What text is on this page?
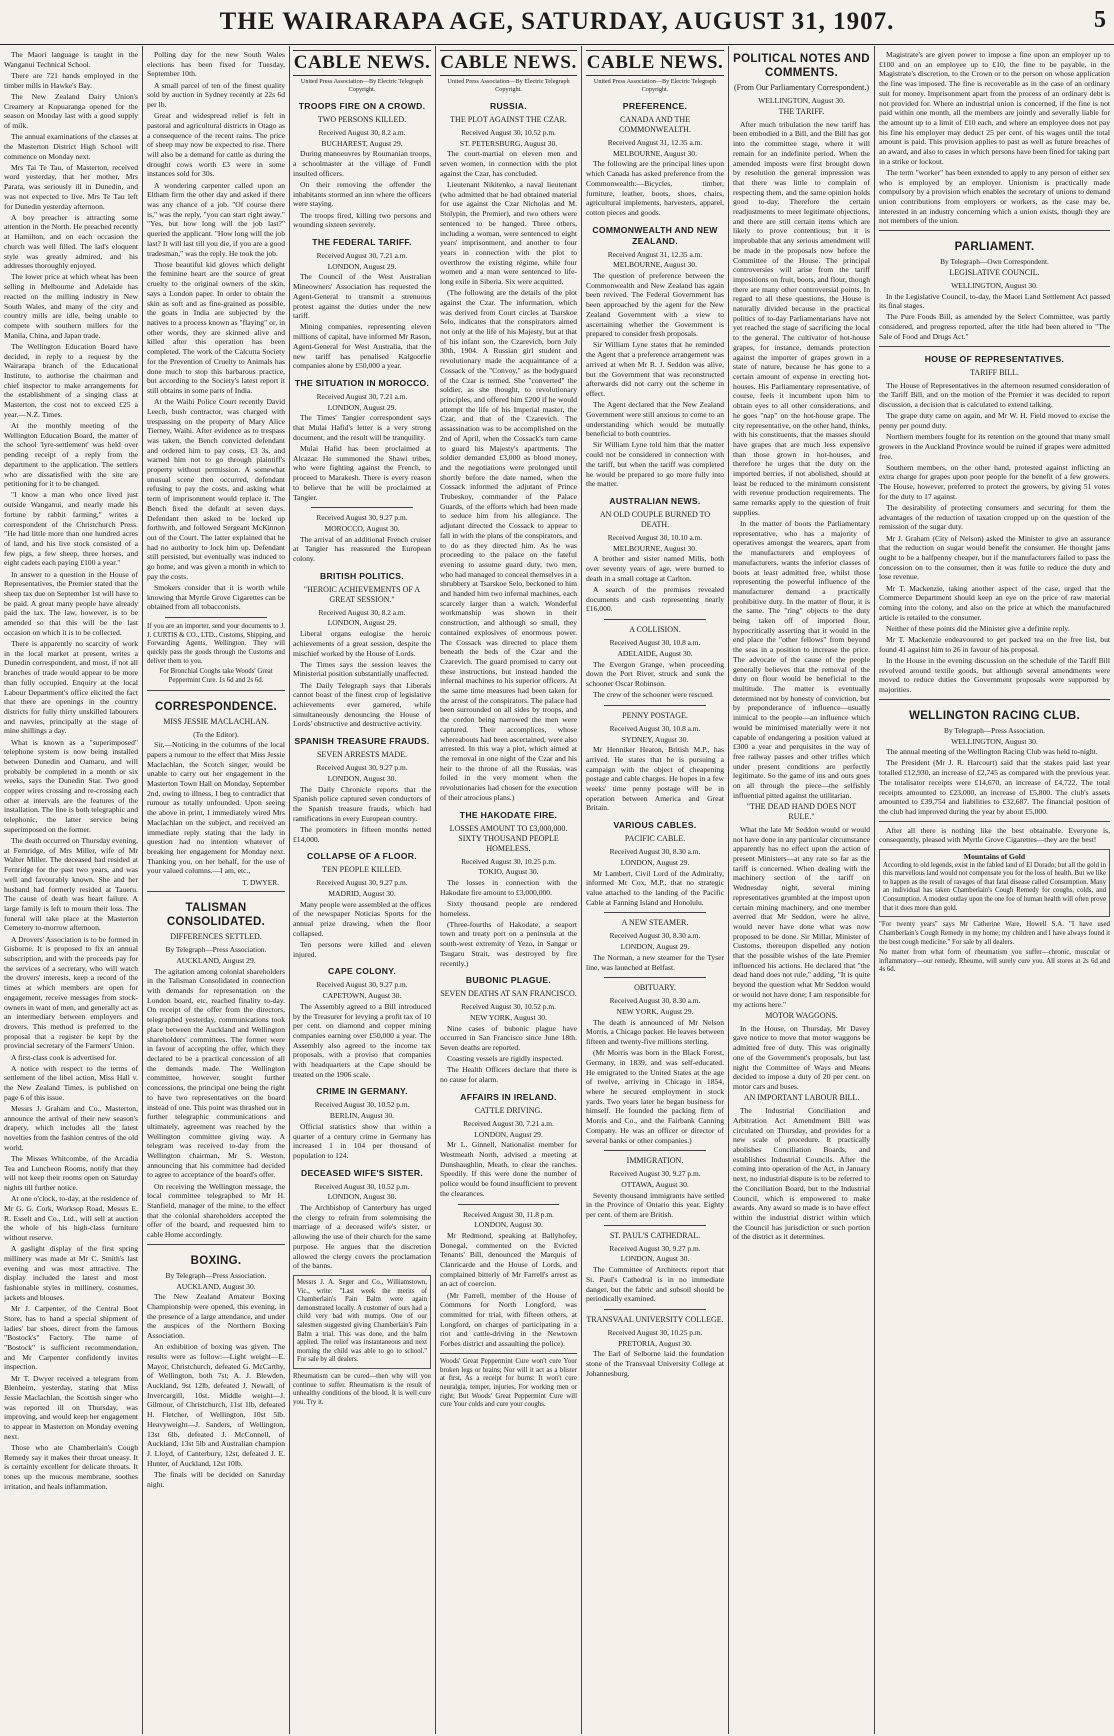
THE WAIRARAPA AGE, SATURDAY, AUGUST 31, 1907.	5

The Maori language is taught in the Wanganui Technical School.

There are 721 hands employed in the timber mills in Hawke's Bay.

The New Zealand Dairy Union's Creamery at Kopuaranga opened for the season on Monday last with a good supply of milk.

The annual examinations of the classes at the Masterton District High School will commence on Monday next.

Mrs Tai Te Tau, of Masterton, received word yesterday, that her mother, Mrs Parata, was seriously ill in Dunedin, and was not expected to live. Mrs Te Tau left for Dunedin yesterday afternoon.

A boy preacher is attracting some attention in the North. He preached recently at Hamilton, and on each occasion the church was well filled. The lad's eloquent style was greatly admired, and his addresses thoroughly enjoyed.

The lower price at which wheat has been selling in Melbourne and Adelaide has reacted on the milling industry in New South Wales, and many of the city and country mills are idle, being unable to compete with southern millers for the Manila, China, and Japan trade.

The Wellington Education Board have decided, in reply to a request by the Wairarapa branch of the Educational Institute, to authorise the chairman and chief inspector to make arrangements for the establishment of a singing class at Masterton, the cost not to exceed £25 a year.—N.Z. Times.

At the monthly meeting of the Wellington Education Board, the matter of the school 'lyre-settlement' was held over pending receipt of a reply from the department to the application. The settlers who are dissatisfied with the site are petitioning for it to be changed.

"I know a man who once lived just outside Wanganui, and nearly made his fortune by rabbit farming," writes a correspondent of the Christchurch Press. "He had little more than one hundred acres of land, and his live stock consisted of a few pigs, a few sheep, three horses, and eight cadets each paying £100 a year."

In answer to a question in the House of Representatives, the Premier stated that the sheep tax due on September 1st will have to be paid. A great many people have already paid the tax. The law, however, is to be amended so that this will be the last occasion on which it is to be collected.

There is apparently no scarcity of work in the local market at present, writes a Dunedin correspondent, and most, if not all branches of trade would appear to be more than fully occupied. Enquiry at the local Labour Department's office elicited the fact that there are openings in the country districts for fully thirty unskilled labourers and navvies, principally at the stage of mine shillings a day.

What is known as a "superimposed" telephone system is now being installed between Dunedin and Oamaru, and will probably be completed in a month or six weeks, says the Dunedin Star. Two good copper wires crossing and re-crossing each other at intervals are the features of the installation. The line is both telegraphic and telephonic, the latter service being superimposed on the former.

The death occurred on Thursday evening, at Fernridge, of Mrs Miller, wife of Mr Walter Miller. The deceased had resided at Fernridge for the past two years, and was well and favourably known. She and her husband had formerly resided at Taueru. The cause of death was heart failure. A large family is left to mourn their loss. The funeral will take place at the Masterton Cemetery to-morrow afternoon.

A Drovers' Association is to be formed in Gisborne. It is proposed to fix an annual subscription, and with the proceeds pay for the services of a secretary, who will watch the drovers' interests, keep a record of the times at which members are open for engagement, receive messages from stock-owners in want of men, and generally act as an intermediary between employers and drovers. This method is preferred to the proposal that a register be kept by the provincial secretary of the Farmers' Union.

A first-class cook is advertised for.

A notice with respect to the terms of settlement of the libel action, Miss Hall v. the New Zealand Times, is published on page 6 of this issue.

Messrs J. Graham and Co., Masterton, announce the arrival of their new season's drapery, which includes all the latest novelties from the fashion centres of the old world.

The Misses Whitcombe, of the Arcadia Tea and Luncheon Rooms, notify that they will not keep their rooms open on Saturday nights till further notice.

At one o'clock, to-day, at the residence of Mr G. G. Cork, Worksop Road, Messrs E. R. Esselt and Co., Ltd., will sell at auction the whole of his high-class furniture without reserve.

A gaslight display of the first spring millinery was made at Mr C. Smith's last evening and was most attractive. The display included the latest and most fashionable styles in millinery, costumes, jackets and blouses.

Mr J. Carpenter, of the Central Boot Store, has to hand a special shipment of ladies' bar shoes, direct from the famous "Bostock's" Factory. The name of "Bostock" is sufficient recommendation, and Mr Carpenter confidently invites inspection.

Mr T. Dwyer received a telegram from Blenheim, yesterday, stating that Miss Jessie Maclachlan, the Scottish singer who was reported ill on Thursday, was improving, and would keep her engagement to appear in Masterton on Monday evening next.

Those who ate Chamberlain's Cough Remedy say it makes their throat uneasy. It is certainly excellent for delicate throats. It tones up the mucous membrane, soothes irritation, and heals inflammation.

Polling day for the new South Wales elections has been fixed for Tuesday, September 10th.

A small parcel of ten of the finest quality sold by auction in Sydney recently at 22s 6d per lb.

Great and widespread relief is felt in pastoral and agricultural districts in Otago as a consequence of the recent rains. The price of sheep may now be expected to rise. There will also be a demand for cattle as during the drought cows worth £3 were in some instances sold for 30s.

A wondering carpenter called upon an Eltham firm the other day and asked if there was any chance of a job. "Of course there is," was the reply, "you can start right away." "Yes, but how long will the job last?" queried the applicant. "How long will the job last? It will last till you die, if you are a good tradesman," was the reply. He took the job.

Those beautiful kid gloves which delight the feminine heart are the source of great cruelty to the original owners of the skin, says a London paper. In order to obtain the skin as soft and as fine-grained as possible, the goats in India are subjected by the natives to a process known as "flaying" or, in other words, they are skinned alive and killed after this operation has been completed. The work of the Calcutta Society for the Prevention of Cruelty to Animals has done much to stop this barbarous practice, but according to the Society's latest report it still obtains in some parts of India.

At the Waihi Police Court recently David Leech, bush contractor, was charged with trespassing on the property of Mary Alice Tierney, Waihi. After evidence as to trespass was taken, the Bench convicted defendant and ordered him to pay costs, £3 3s, and warned him not to go through plaintiff's property without permission. A somewhat unusual scene then occurred, defendant refusing to pay the costs, and asking what term of imprisonment would replace it. The Bench fixed the default at seven days. Defendant then asked to be locked up forthwith, and followed Sergeant McKinnon out of the Court. The latter explained that he had no authority to lock him up. Defendant still persisted, but eventually was induced to go home, and was given a month in which to pay the costs.

Smokers consider that it is worth while knowing that Myrtle Grove Cigarettes can be obtained from all tobacconists.

If you are an importer, send your documents to J. J. CURTIS & CO., LTD., Customs, Shipping, and Forwarding Agents, Wellington. They will quickly pass the goods through the Customs and deliver them to you.

For Bronchial Coughs take Woods' Great Peppermint Cure. 1s 6d and 2s 6d.

CORRESPONDENCE.
MISS JESSIE MACLACHLAN.
(To the Editor).

Sir,—Noticing in the columns of the local papers a rumour to the effect that Miss Jessie Maclachlan, the Scotch singer, would be unable to carry out her engagement in the Masterton Town Hall on Monday, September 2nd, owing to illness, I beg to contradict that rumour as totally unfounded. Upon seeing the above in print, I immediately wired Mrs Maclachlan on the subject, and received an immediate reply stating that the lady in question had no intention whatever of breaking her engagement for Monday next. Thanking you, on her behalf, for the use of your valued columns.—I am, etc.,

T. DWYER.
TALISMAN CONSOLIDATED.
DIFFERENCES SETTLED.
By Telegraph—Press Association.
AUCKLAND, August 29.

The agitation among colonial shareholders in the Talisman Consolidated in connection with demands for representation on the London board, etc, reached finality to-day. On receipt of the offer from the directors, telegraphed yesterday, communications took place between the Auckland and Wellington shareholders' committees. The former were in favour of accepting the offer, which they declared to be a practical concession of all the demands made. The Wellington committee, however, sought further concessions, the principal one being the right to have two representatives on the board instead of one. This point was thrashed out in further telegraphic communications and ultimately, agreement was reached by the Wellington committee giving way. A telegram was received to-day from the Wellington chairman, Mr S. Weston, announcing that his committee had decided to agree to acceptance of the board's offer.

On receiving the Wellington message, the local committee telegraphed to Mr H. Stanfield, manager of the mine, to the effect that the colonial shareholders accepted the offer of the board, and requested him to cable Home accordingly.

BOXING.
By Telegraph—Press Association.
AUCKLAND, August 30.

The New Zealand Amateur Boxing Championship were opened, this evening, in the presence of a large attendance, and under the auspices of the Northern Boxing Association.

An exhibition of boxing was given. The results were as follow:—Light weight—E. Mayor, Christchurch, defeated G. McCarthy, of Wellington, both 7st; A. J. Blewden, Auckland, 9st 12lb, defeated J. Newall, of Invercargill, 10st. Middle weight—J. Gilmour, of Christchurch, 11st 1lb, defeated H. Fletcher, of Wellington, 10st 5lb. Heavyweight—J. Sanders, of Wellington, 13st 6lb, defeated J. McConnell, of Auckland, 13st 5lb and Australian champion J. Lloyd, of Canterbury, 12st, defeated J. E. Hunter, of Auckland, 12st 10lb.

The finals will be decided on Saturday night.

CABLE NEWS.
United Press Association—By Electric Telegraph Copyright.
TROOPS FIRE ON A CROWD.
TWO PERSONS KILLED.
Received August 30, 8.2 a.m.
BUCHAREST, August 29.

During manoeuvres by Roumanian troops, a schoolmaster at the village of Fundl insulted officers.

On their removing the offender the inhabitants stormed an inn where the officers were staying.

The troops fired, killing two persons and wounding sixteen severely.

THE FEDERAL TARIFF.
Received August 30, 7.21 a.m.
LONDON, August 29.

The Council of the West Australian Mineowners' Association has requested the Agent-General to transmit a strenuous protest against the duties under the new tariff.

Mining companies, representing eleven millions of capital, have informed Mr Rason, Agent-General for West Australia, that the new tariff has penalised Kalgoorlie companies alone by £50,000 a year.

THE SITUATION IN MOROCCO.
Received August 30, 7.21 a.m.
LONDON, August 29.

The Times' Tangier correspondent says that Mulai Hafid's letter is a very strong document, and the result will be tranquility.

Mulai Hafid has been proclaimed at Alcazar. He summoned the Shawi tribes, who were fighting against the French, to proceed to Marakesh. There is every reason to believe that he will be proclaimed at Tangier.

Received August 30, 9.27 p.m.
MOROCCO, August 30.

The arrival of an additional French cruiser at Tangier has reassured the European colony.

BRITISH POLITICS.
"HEROIC ACHIEVEMENTS OF A GREAT SESSION."
Received August 30, 8.2 a.m.
LONDON, August 29.

Liberal organs eulogise the heroic achievements of a great session, despite the mischief worked by the House of Lords.

The Times says the session leaves the Ministerial position substantially unaffected.

The Daily Telegraph says that Liberals cannot boast of the finest crop of legislative achievements ever garnered, while simultaneously denouncing the House of Lords' obstructive and destructive activity.

SPANISH TREASURE FRAUDS.
SEVEN ARRESTS MADE.
Received August 30, 9.27 p.m.
LONDON, August 30.

The Daily Chronicle reports that the Spanish police captured seven conductors of the Spanish treasure frauds, which had ramifications in every European country.

The promoters in fifteen months netted £14,000.

COLLAPSE OF A FLOOR.
TEN PEOPLE KILLED.
Received August 30, 9.27 p.m.
MADRID, August 30.

Many people were assembled at the offices of the newspaper Noticias Sports for the annual prize drawing, when the floor collapsed.

Ten persons were killed and eleven injured.

CAPE COLONY.
Received August 30, 9.27 p.m.
CAPETOWN, August 30.

The Assembly agreed to a Bill introduced by the Treasurer for levying a profit tax of 10 per cent. on diamond and copper mining companies earning over £50,000 a year. The Assembly also agreed to the income tax proposals, with a proviso that companies with headquarters at the Cape should be treated on the 1906 scale.

CRIME IN GERMANY.
Received August 30, 10.52 p.m.
BERLIN, August 30.

Official statistics show that within a quarter of a century crime in Germany has increased 1 in 104 per thousand of population to 124.

DECEASED WIFE'S SISTER.
Received August 30, 10.52 p.m.
LONDON, August 30.

The Archbishop of Canterbury has urged the clergy to refrain from solemnising the marriage of a deceased wife's sister, or allowing the use of their church for the same purpose. He argues that the discretion allowed the clergy covers the proclamation of the banns.

Messrs J. A. Seger and Co., Williamstown, Vic., write: "Last week the merits of Chamberlain's Pain Balm were again demonstrated locally. A customer of ours had a child very bad with mumps. One of our salesmen suggested giving Chamberlain's Pain Balm a trial. This was done, and the balm applied. The relief was instantaneous and next morning the child was able to go to school." For sale by all dealers.

Rheumatism can be cured—then why will you continue to suffer. Rheumatism is the result of unhealthy conditions of the blood. It is well cure you. Try it.

CABLE NEWS.
United Press Association—By Electric Telegraph Copyright.
RUSSIA.
THE PLOT AGAINST THE CZAR.
Received August 30, 10.52 p.m.
ST. PETERSBURG, August 30.

The court-martial on eleven men and seven women, in connection with the plot against the Czar, has concluded.

Lieutenant Nikitenko, a naval lieutenant (who admitted that he had obtained material for use against the Czar Nicholas and M. Stolypin, the Premier), and two others were sentenced to be hanged. Three others, including a woman, were sentenced to eight years' imprisonment, and another to four years in connection with the plot to overthrow the existing régime, while four women and a man were sentenced to life-long exile in Siberia. Six were acquitted.

(The following are the details of the plot against the Czar. The information, which was derived from Court circles at Tsarskoe Selo, indicates that the conspirators aimed not only at the life of his Majesty, but at that of his infant son, the Czarevich, born July 30th, 1904. A Russian girl student and revolutionary made the acquaintance of a Cossack of the "Convoy," as the bodyguard of the Czar is termed. She "converted" the soldier, as she thought, to revolutionary principles, and offered him £200 if he would attempt the life of his Imperial master, the Czar, and that of the Czarevich. The assassination was to be accomplished on the 2nd of April, when the Cossack's turn came to guard his Majesty's apartments. The soldier demanded £3,000 as blood money, and the negotiations were prolonged until shortly before the date named, when the Cossack informed the adjutant of Prince Trubeskoy, commander of the Palace Guards, of the efforts which had been made to seduce him from his allegiance. The adjutant directed the Cossack to appear to fall in with the plans of the conspirators, and to do as they directed him. As he was proceeding to the palace on the fateful evening to assume guard duty, two men, who had managed to conceal themselves in a shrubbery at Tsarskoe Selo, beckoned to him and handed him two infernal machines, each scarcely larger than a watch. Wonderful workmanship was shown in their construction, and although so small, they contained explosives of enormous power. The Cossack was directed to place them beneath the beds of the Czar and the Czarevich. The guard promised to carry out these instructions, but instead handed the infernal machines to his superior officers. At the same time measures had been taken for the arrest of the conspirators. The palace had been surrounded on all sides by troops, and the cordon being narrowed the men were captured. Their accomplices, whose whereabouts had been ascertained, were also arrested. In this way a plot, which aimed at the removal in one night of the Czar and his heir to the throne of all the Russias, was foiled in the very moment when the revolutionaries had chosen for the execution of their atrocious plans.)

THE HAKODATE FIRE.
LOSSES AMOUNT TO £3,000,000. SIXTY THOUSAND PEOPLE HOMELESS.
Received August 30, 10.25 p.m.
TOKIO, August 30.

The losses in connection with the Hakodate fire amount to £3,000,000.

Sixty thousand people are rendered homeless.

(Three-fourths of Hakodate, a seaport town and treaty port on a peninsula at the south-west extremity of Yezo, in Sangar or Tsugaru Strait, was destroyed by fire recently.)

BUBONIC PLAGUE.
SEVEN DEATHS AT SAN FRANCISCO.
Received August 30, 10.52 p.m.
NEW YORK, August 30.

Nine cases of bubonic plague have occurred in San Francisco since June 18th. Seven deaths are reported.

Coasting vessels are rigidly inspected.

The Health Officers declare that there is no cause for alarm.

AFFAIRS IN IRELAND.
CATTLE DRIVING.
Received August 30, 7.21 a.m.
LONDON, August 29.

Mr L. Ginnell, Nationalist member for Westmeath North, advised a meeting at Dunshaughlin, Meath, to clear the ranches. Speedily. If this were done the number of police would be found insufficient to prevent the clearances.

Received August 30, 11.8 p.m.
LONDON, August 30.

Mr Redmond, speaking at Ballyhofey, Donegal, commented on the Evicted Tenants' Bill, denounced the Marquis of Clanricarde and the House of Lords, and complained bitterly of Mr Farrell's arrest as an act of coercion.

(Mr Farrell, member of the House of Commons for North Longford, was committed for trial, with fifteen others, at Longford, on charges of participating in a riot and cattle-driving in the Newtown Forbes district and assaulting the police).

Woods' Great Peppermint Cure won't cure Your broken legs or brains; Nor will it act as a blister at first, As a receipt for burns: It won't cure neuralgia, temper, injuries, For working men or right; But Woods' Great Peppermint Cure will cure Your colds and cure your coughs.

CABLE NEWS.
United Press Association—By Electric Telegraph Copyright.
PREFERENCE.
CANADA AND THE COMMONWEALTH.
Received August 31, 12.35 a.m.
MELBOURNE, August 30.

The following are the principal lines upon which Canada has asked preference from the Commonwealth:—Bicycles, timber, furniture, leather, boots, shoes, chairs, agricultural implements, harvesters, apparel, cotton pieces and goods.

COMMONWEALTH AND NEW ZEALAND.
Received August 31, 12.35 a.m.
MELBOURNE, August 30.

The question of preference between the Commonwealth and New Zealand has again been revived. The Federal Government has been approached by the agent for the New Zealand Government with a view to ascertaining whether the Government is prepared to consider fresh proposals.

Sir William Lyne states that he reminded the Agent that a preference arrangement was arrived at when Mr R. J. Seddon was alive, but the Government that was reconstructed afterwards did not carry out the scheme in effect.

The Agent declared that the New Zealand Government were still anxious to come to an understanding which would be mutually beneficial to both countries.

Sir William Lyne told him that the matter could not be considered in connection with the tariff, but when the tariff was completed he would be prepared to go more fully into the matter.

AUSTRALIAN NEWS.
AN OLD COUPLE BURNED TO DEATH.
Received August 30, 10.10 a.m.
MELBOURNE, August 30.

A brother and sister named Mills, both over seventy years of age, were burned to death in a small cottage at Carlton.

A search of the premises revealed documents and cash representing nearly £16,000.

A COLLISION.
Received August 30, 10.8 a.m.
ADELAIDE, August 30.

The Evergon Grange, when proceeding down the Port River, struck and sunk the schooner Oscar Robinson.

The crew of the schooner were rescued.

PENNY POSTAGE.
Received August 30, 10.8 a.m.
SYDNEY, August 30.

Mr Henniker Heaton, British M.P., has arrived. He states that he is pursuing a campaign with the object of cheapening postage and cable charges. He hopes in a few weeks' time penny postage will be in operation between America and Great Britain.

VARIOUS CABLES.
PACIFIC CABLE.
Received August 30, 8.30 a.m.
LONDON, August 29.

Mr Lambert, Civil Lord of the Admiralty, informed Mr Cox, M.P., that no strategic value attached to the landing of the Pacific Cable at Fanning Island and Honolulu.

A NEW STEAMER.
Received August 30, 8.30 a.m.
LONDON, August 29.

The Norman, a new steamer for the Tyser line, was launched at Belfast.

OBITUARY.
Received August 30, 8.30 a.m.
NEW YORK, August 29.

The death is announced of Mr Nelson Morris, a Chicago packer. He leaves between fifteen and twenty-five millions sterling.

(Mr Morris was born in the Black Forest, Germany, in 1839, and was self-educated. He emigrated to the United States at the age of twelve, arriving in Chicago in 1854, where he secured employment in stock yards. Two years later he began business for himself. He founded the packing firm of Morris and Co., and the Fairbank Canning Company. He was an officer or director of several banks or other companies.)

IMMIGRATION.
Received August 30, 9.27 p.m.
OTTAWA, August 30.

Seventy thousand immigrants have settled in the Province of Ontario this year. Eighty per cent. of them are British.

ST. PAUL'S CATHEDRAL.
Received August 30, 9.27 p.m.
LONDON, August 30.

The Committee of Architects report that St. Paul's Cathedral is in no immediate danger, but the fabric and subsoil should be periodically examined.

TRANSVAAL UNIVERSITY COLLEGE.
Received August 30, 10.25 p.m.
PRETORIA, August 30.

The Earl of Selborne laid the foundation stone of the Transvaal University College at Johannesburg.

POLITICAL NOTES AND COMMENTS.
(From Our Parliamentary Correspondent.)
WELLINGTON, August 30.
THE TARIFF.

After much tribulation the new tariff has been embodied in a Bill, and the Bill has got into the committee stage, where it will remain for an indefinite period. When the amended imposts were first brought down by resolution the general impression was that there was little to complain of respecting them, and the same opinion holds good to-day. Therefore the certain readjustments to meet legitimate objections, and there are still certain items which are likely to prove contentious; but it is improbable that any serious amendment will be made in the proposals now before the Committee of the House. The principal controversies will arise from the tariff impositions on fruit, boots, and flour, though there are many other controversial points. In regard to all these questions, the House is naturally divided because in the practical politics of to-day Parliamentarians have not yet reached the stage of sacrificing the local to the general. The cultivator of hot-house grapes, for instance, demands protection against the importer of grapes grown in a state of nature, because he has gone to a certain amount of expense in erecting hot-houses. His Parliamentary representative, of course, feels it incumbent upon him to obtain eyes to all other considerations, and he goes "nap" on the hot-house grape. The city representative, on the other hand, thinks, with his constituents, that the masses should have grapes that are much less expensive than those grown in hot-houses, and therefore he urges that the duty on the imported berries, if not abolished, should at least be reduced to the minimum consistent with revenue production requirements. The same remarks apply to the question of fruit supplies.

In the matter of boots the Parliamentary representative, who has a majority of operatives amongst the wearers, apart from the manufacturers and employees of manufacturers, wants the inferior classes of boots at least admitted free, whilst those representing the powerful influence of the manufacturer demand a practically prohibitive duty. In the matter of flour, it is the same. The "ring" objects to the duty being taken off of imported flour, hypocritically asserting that it would in the end place the "other fellows" from beyond the seas in a position to increase the price. The advocate of the cause of the people generally believes that the removal of the duty on flour would be beneficial to the multitude. The matter is eventually determined not by honesty of conviction, but by preponderance of influence—usually inimical to the people—an influence which would be minimised materially were it not capable of endangering a position valued at £300 a year and perquisites in the way of free railway passes and other trifles which under present conditions are perfectly legitimate. So the game of ins and outs goes on all through the piece—the selfishly influential pitted against the utilitarian.

"THE DEAD HAND DOES NOT RULE."

What the late Mr Seddon would or would not have done in any particular circumstance apparently has no effect upon the action of present Ministers—at any rate so far as the tariff is concerned. When dealing with the machinery section of the tariff on Wednesday night, several mining representatives grumbled at the impost upon certain mining machinery, and one member averred that Mr Seddon, were he alive, would never have done what was now proposed to be done. Sir Millar, Minister of Customs, thereupon dispelled any notion that the possible wishes of the late Premier influenced his actions. He declared that "the dead hand does not rule," adding, "It is quite beyond the question what Mr Seddon would or would not have done; I am responsible for my actions here."

MOTOR WAGGONS.

In the House, on Thursday, Mr Davey gave notice to move that motor waggons be admitted free of duty. This was originally one of the Government's proposals, but last night the Committee of Ways and Means decided to impose a duty of 20 per cent. on motor cars and buses.

AN IMPORTANT LABOUR BILL.

The Industrial Conciliation and Arbitration Act Amendment Bill was circulated on Thursday, and provides for a new scale of procedure. It practically abolishes Conciliation Boards, and establishes Industrial Councils. After the coming into operation of the Act, in January next, no industrial dispute is to be referred to the Conciliation Board, but to the Industrial Council, which is empowered to make awards. Any award so made is to have effect within the industrial district within which the Council has jurisdiction or such portion of the district as it determines.

Magistrate's are given power to impose a fine upon an employer up to £100 and on an employee up to £10, the fine to be payable, in the Magistrate's discretion, to the Crown or to the person on whose application the fine was imposed. The fine is recoverable as in the case of an ordinary suit for money. Imprisonment apart from the process of an ordinary debt is not provided for. Where an industrial union is concerned, if the fine is not paid within one month, all the members are jointly and severally liable for the amount up to a limit of £10 each, and where an employee does not pay his fine his employer may deduct 25 per cent. of his wages until the total amount is paid. This provision applies to past as well as future breaches of an award, and also to cases in which persons have been fined for taking part in a strike or lockout.

The term "worker" has been extended to apply to any person of either sex who is employed by an employer. Unionism is practically made compulsory by a provision which enables the secretary of unions to demand union contributions from employers or workers, as the case may be, interested in an industry concerning which a union exists, though they are not members of the union.

PARLIAMENT.
By Telegraph—Own Correspondent.
LEGISLATIVE COUNCIL.
WELLINGTON, August 30.

In the Legislative Council, to-day, the Maori Land Settlement Act passed its final stages.

The Pure Foods Bill, as amended by the Select Committee, was partly considered, and progress reported, after the title had been altered to "The Sale of Food and Drugs Act."

HOUSE OF REPRESENTATIVES.
TARIFF BILL.

The House of Representatives in the afternoon resumed consideration of the Tariff Bill, and on the motion of the Premier it was decided to report discussion, a decision that is calculated to extend talking.

The grape duty came on again, and Mr W. H. Field moved to excise the penny per pound duty.

Northern members fought for its retention on the ground that many small growers in the Auckland Province would be ruined if grapes were admitted free.

Southern members, on the other hand, protested against inflicting an extra charge for grapes upon poor people for the benefit of a few growers. The House, however, preferred to protect the growers, by giving 51 votes for the duty to 17 against.

The desirability of protecting consumers and securing for them the advantages of the reduction of taxation cropped up on the question of the remission of the sugar duty.

Mr J. Graham (City of Nelson) asked the Minister to give an assurance that the reduction on sugar would benefit the consumer. He thought jams ought to be a halfpenny cheaper, but if the manufacturers failed to pass the concession on to the consumer, then it was futile to reduce the duty and lose revenue.

Mr T. Mackenzie, taking another aspect of the case, urged that the Commerce Department should keep an eye on the price of raw material coming into the colony, and also on the price at which the manufactured article is retailed to the consumer.

Neither of these points did the Minister give a definite reply.

Mr T. Mackenzie endeavoured to get packed tea on the free list, but found 41 against him to 26 in favour of his proposal.

In the House in the evening discussion on the schedule of the Tariff Bill revolved around textile goods, but although several amendments were moved to reduce duties the Government proposals were supported by majorities.

WELLINGTON RACING CLUB.
By Telegraph—Press Association.
WELLINGTON, August 30.

The annual meeting of the Wellington Racing Club was held to-night.

The President (Mr J. R. Harcourt) said that the stakes paid last year totalled £12,930, an increase of £2,745 as compared with the previous year. The totalisator receipts were £14,670, an increase of £4,722. The total receipts amounted to £23,000, an increase of £5,800. The club's assets amounted to £39,754 and liabilities to £32,687. The financial position of the club had improved during the year by about £5,000.

After all there is nothing like the best obtainable. Everyone is, consequently, pleased with Myrtle Grove Cigarettes—they are the best!

Mountains of Gold
According to old legends, exist in the fabled land of El Dorado; but all the gold in this marvellous land would not compensate you for the loss of health. But we like to happen as the result of ravages of that fatal disease called Consumption. Many an individual has taken Chamberlain's Cough Remedy for coughs, colds, and Consumption. A modest outlay upon the one foe of human health will often prove that it does more than gold.

"For twenty years" says Mr Catherine Ware, Howell S.A. "I have used Chamberlain's Cough Remedy in my home; my children and I have always found it the best cough medicine." For sale by all dealers.

No matter from what form of rheumatism you suffer—chronic, muscular or inflammatory—our remedy, Rheumo, will surely cure you. All stores at 2s 6d and 4s 6d.
